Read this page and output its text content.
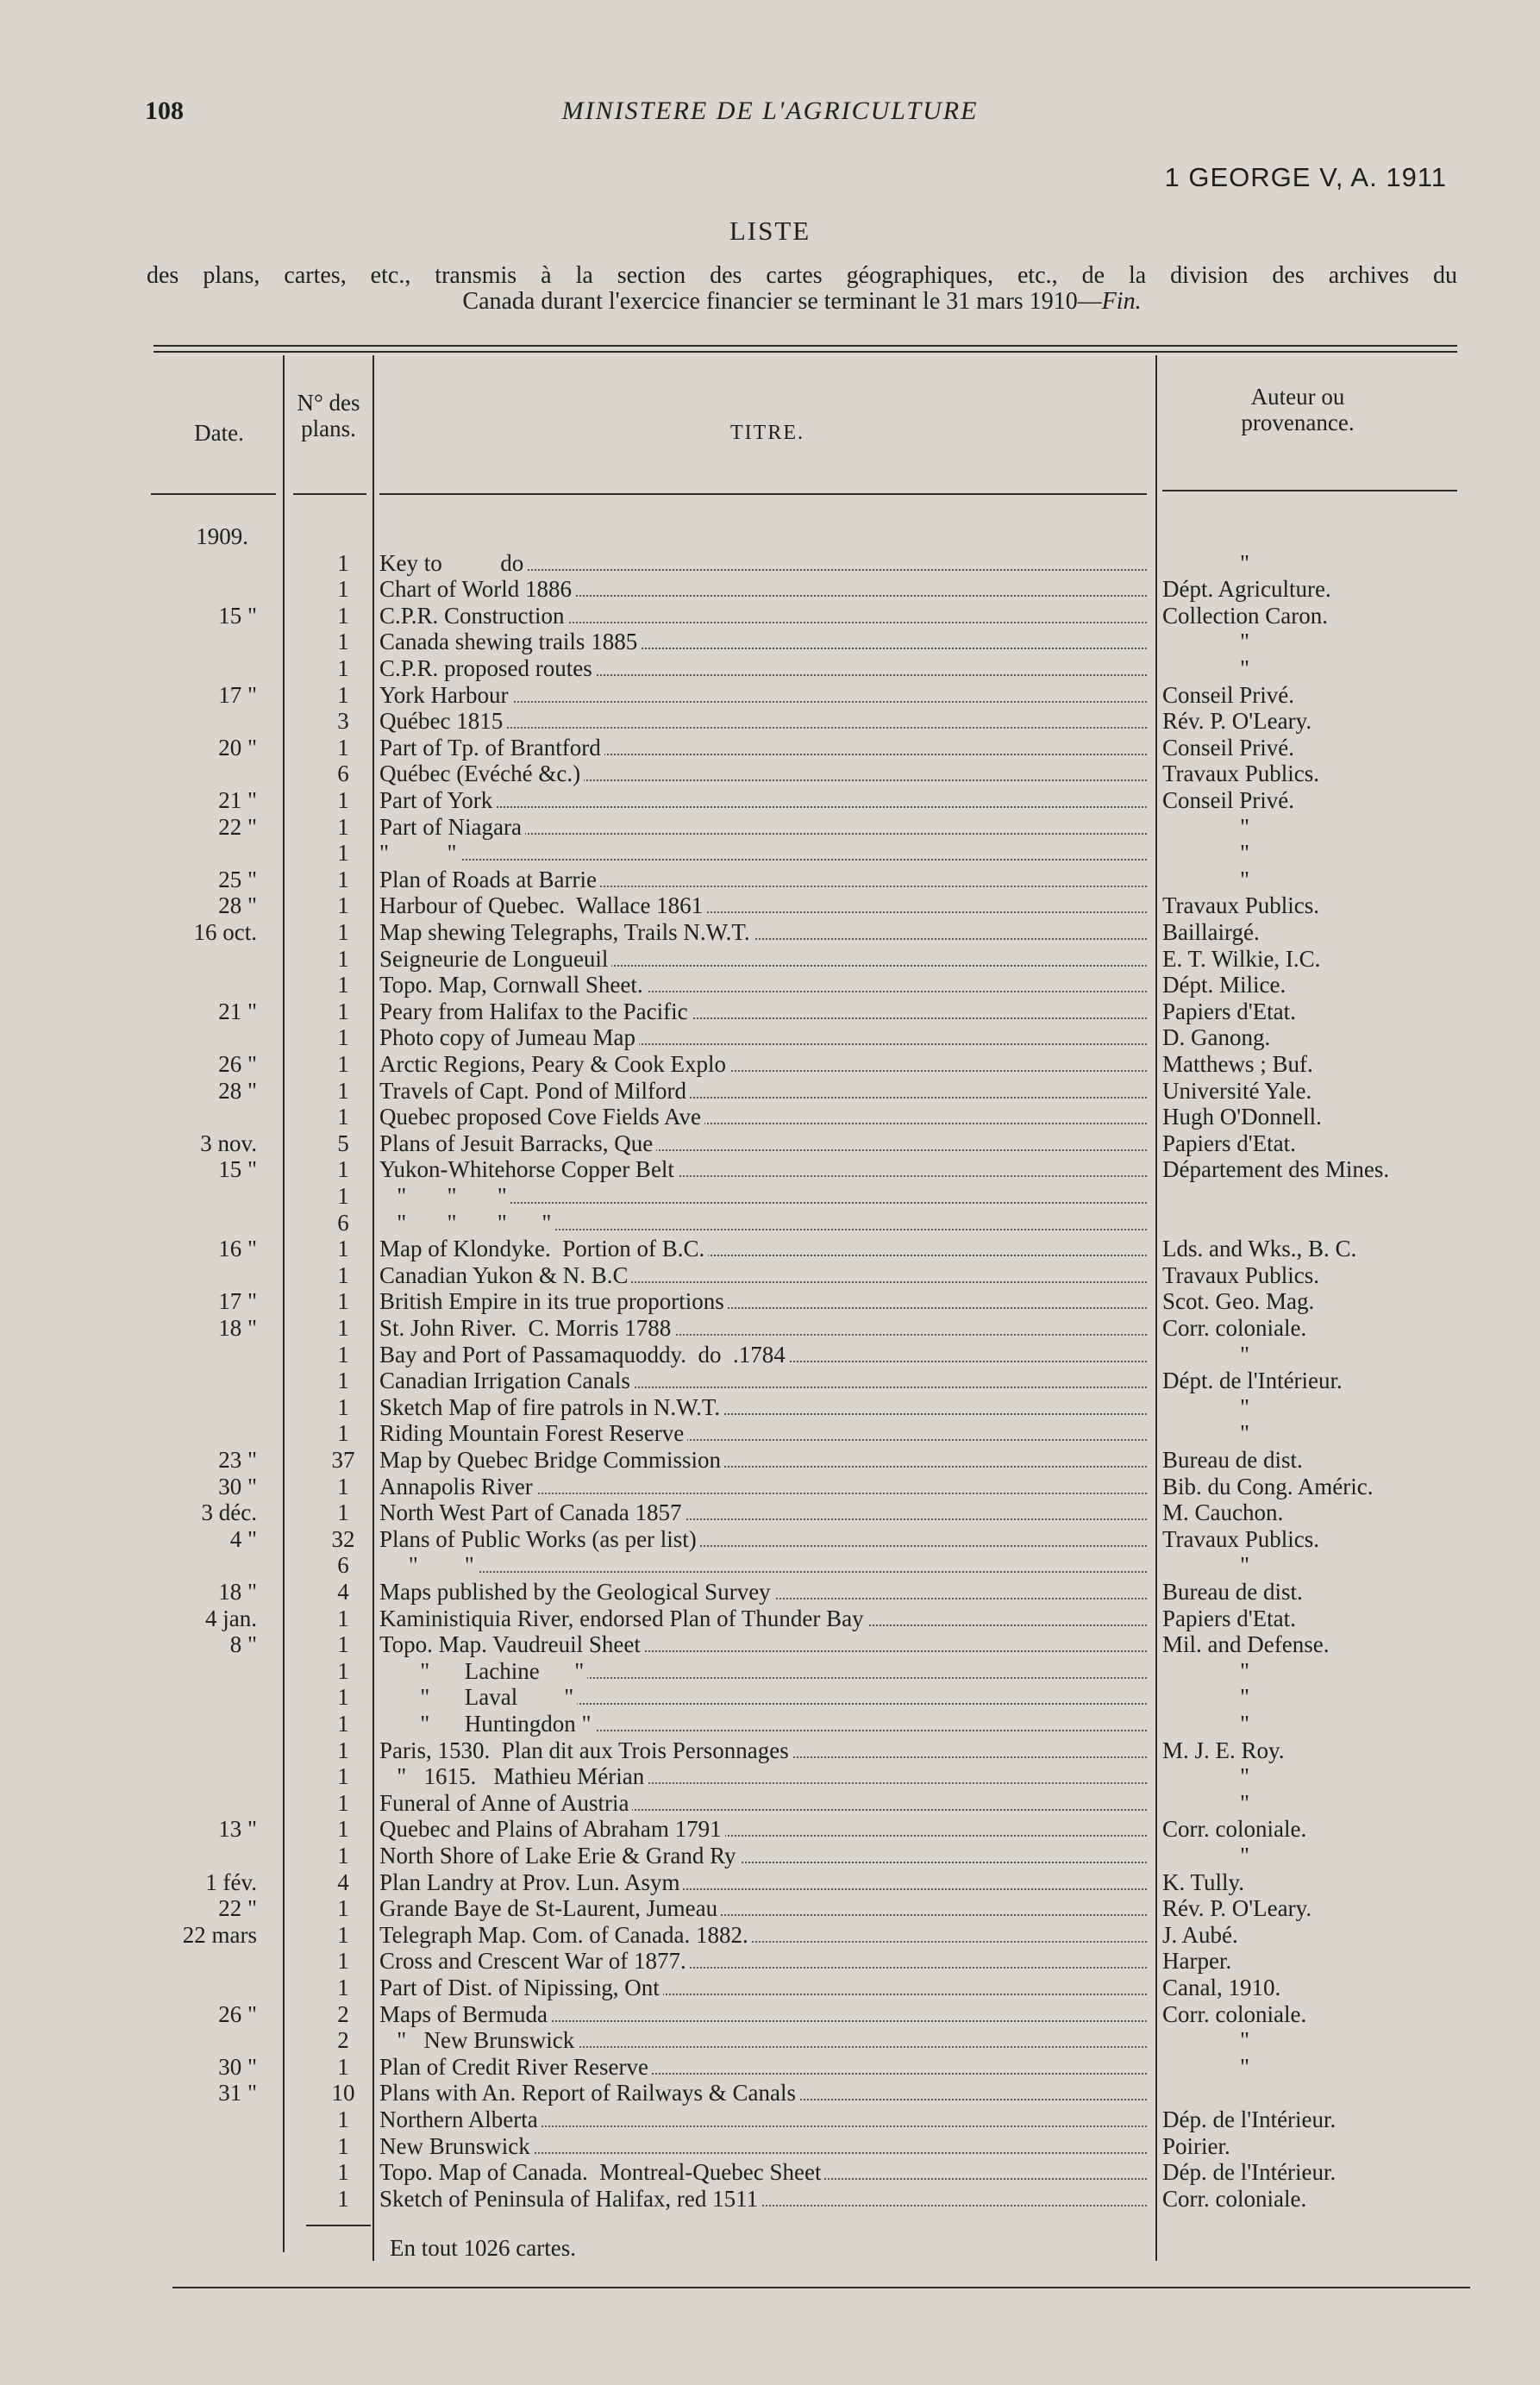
108	MINISTERE DE L'AGRICULTURE
1 GEORGE V, A. 1911
LISTE
des plans, cartes, etc., transmis à la section des cartes géographiques, etc., de la division des archives du
Canada durant l'exercice financier se terminant le 31 mars 1910—Fin.
Date.
N° des plans.	TITRE.
Auteur ou provenance.
1909.
1	Key to          do	"
1	Chart of World 1886	Dépt. Agriculture.
15 "	1	C.P.R. Construction	Collection Caron.
1	Canada shewing trails 1885	"
1	C.P.R. proposed routes	"
17 "	1	York Harbour	Conseil Privé.
3	Québec 1815	Rév. P. O'Leary.
20 "	1	Part of Tp. of Brantford	Conseil Privé.
6	Québec (Evéché &c.)	Travaux Publics.
21 "	1	Part of York	Conseil Privé.
22 "	1	Part of Niagara	"
1	"          "	"
25 "	1	Plan of Roads at Barrie	"
28 "	1	Harbour of Quebec.  Wallace 1861	Travaux Publics.
16 oct.	1	Map shewing Telegraphs, Trails N.W.T.	Baillairgé.
1	Seigneurie de Longueuil	E. T. Wilkie, I.C.
1	Topo. Map, Cornwall Sheet.	Dépt. Milice.
21 "	1	Peary from Halifax to the Pacific	Papiers d'Etat.
1	Photo copy of Jumeau Map	D. Ganong.
26 "	1	Arctic Regions, Peary & Cook Explo	Matthews ; Buf.
28 "	1	Travels of Capt. Pond of Milford	Université Yale.
1	Quebec proposed Cove Fields Ave	Hugh O'Donnell.
3 nov.	5	Plans of Jesuit Barracks, Que	Papiers d'Etat.
15 "	1	Yukon-Whitehorse Copper Belt	Département des Mines.
1	"       "       "
6	"       "       "      "
16 "	1	Map of Klondyke.  Portion of B.C.	Lds. and Wks., B. C.
1	Canadian Yukon & N. B.C	Travaux Publics.
17 "	1	British Empire in its true proportions	Scot. Geo. Mag.
18 "	1	St. John River.  C. Morris 1788	Corr. coloniale.
1	Bay and Port of Passamaquoddy.  do  .1784	"
1	Canadian Irrigation Canals	Dépt. de l'Intérieur.
1	Sketch Map of fire patrols in N.W.T.	"
1	Riding Mountain Forest Reserve	"
23 "	37	Map by Quebec Bridge Commission	Bureau de dist.
30 "	1	Annapolis River	Bib. du Cong. Améric.
3 déc.	1	North West Part of Canada 1857	M. Cauchon.
4 "	32	Plans of Public Works (as per list)	Travaux Publics.
6	"        "	"
18 "	4	Maps published by the Geological Survey	Bureau de dist.
4 jan.	1	Kaministiquia River, endorsed Plan of Thunder Bay	Papiers d'Etat.
8 "	1	Topo. Map. Vaudreuil Sheet	Mil. and Defense.
1	"      Lachine      "	"
1	"      Laval        "	"
1	"      Huntingdon "	"
1	Paris, 1530.  Plan dit aux Trois Personnages	M. J. E. Roy.
1	"   1615.   Mathieu Mérian	"
1	Funeral of Anne of Austria	"
13 "	1	Quebec and Plains of Abraham 1791	Corr. coloniale.
1	North Shore of Lake Erie & Grand Ry	"
1 fév.	4	Plan Landry at Prov. Lun. Asym	K. Tully.
22 "	1	Grande Baye de St-Laurent, Jumeau	Rév. P. O'Leary.
22 mars	1	Telegraph Map. Com. of Canada. 1882.	J. Aubé.
1	Cross and Crescent War of 1877.	Harper.
1	Part of Dist. of Nipissing, Ont	Canal, 1910.
26 "	2	Maps of Bermuda	Corr. coloniale.
2	"   New Brunswick	"
30 "	1	Plan of Credit River Reserve	"
31 "	10	Plans with An. Report of Railways & Canals
1	Northern Alberta	Dép. de l'Intérieur.
1	New Brunswick	Poirier.
1	Topo. Map of Canada.  Montreal-Quebec Sheet	Dép. de l'Intérieur.
1	Sketch of Peninsula of Halifax, red 1511	Corr. coloniale.
En tout 1026 cartes.
